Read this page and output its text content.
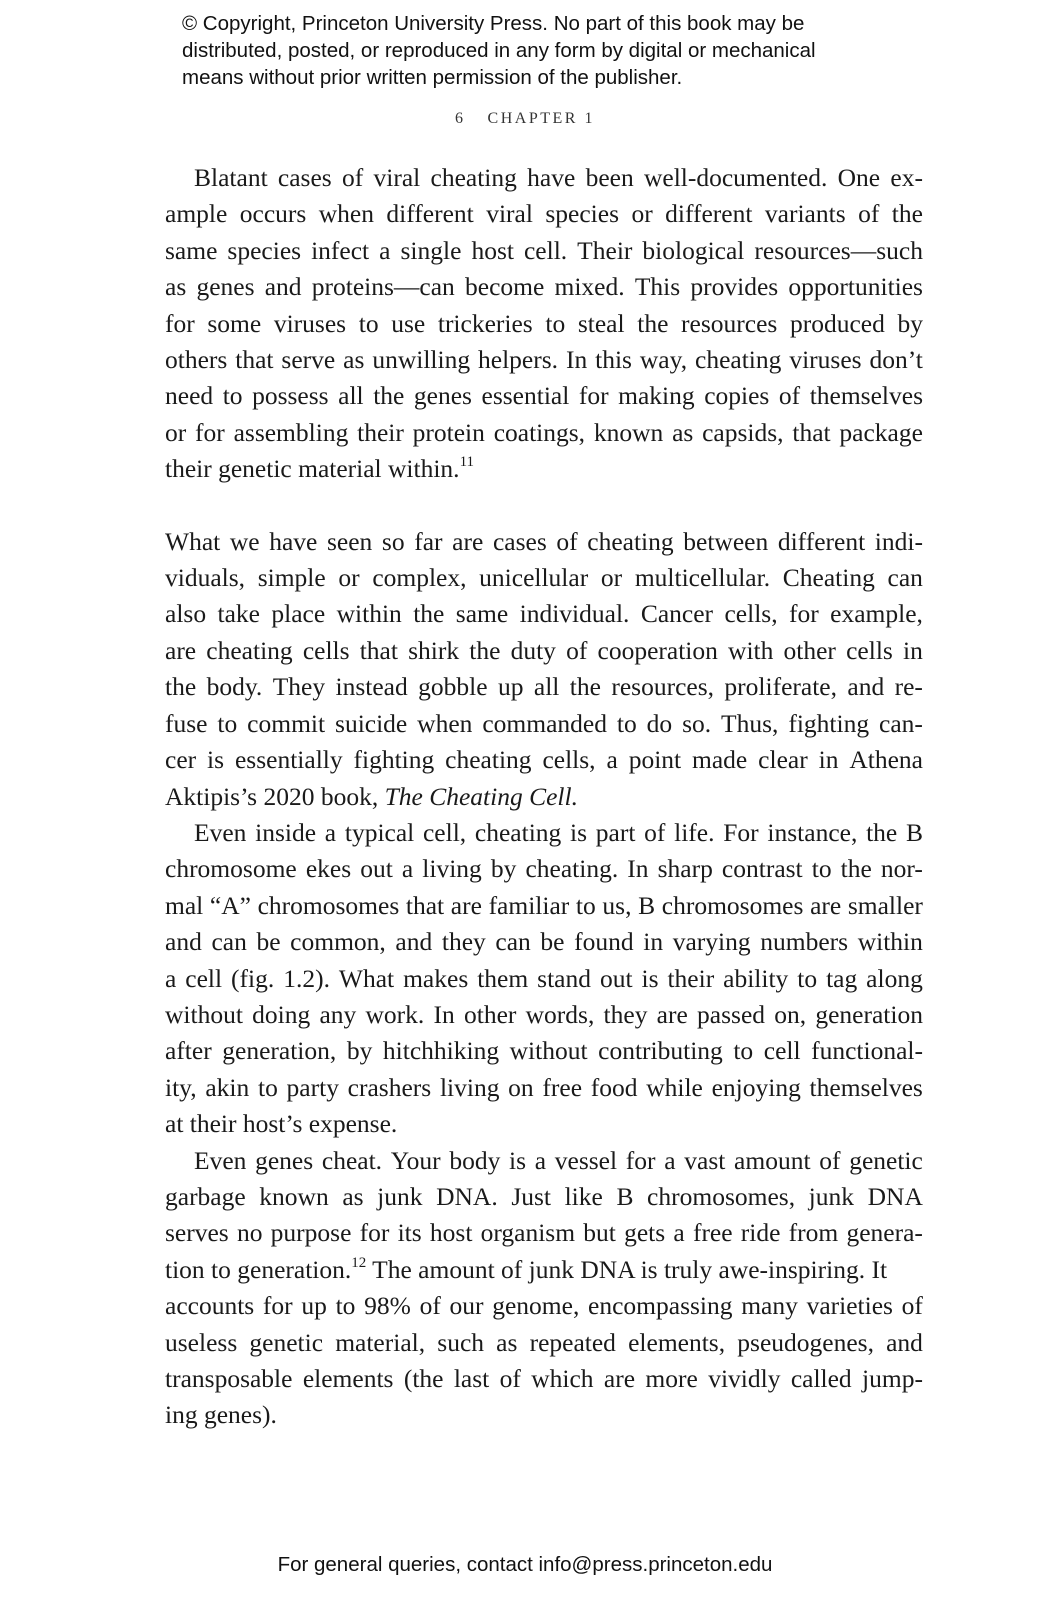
© Copyright, Princeton University Press. No part of this book may be
distributed, posted, or reproduced in any form by digital or mechanical
means without prior written permission of the publisher.
6 CHAPTER 1
Blatant cases of viral cheating have been well-documented. One ex-
ample occurs when different viral species or different variants of the
same species infect a single host cell. Their biological resources—such
as genes and proteins—can become mixed. This provides opportunities
for some viruses to use trickeries to steal the resources produced by
others that serve as unwilling helpers. In this way, cheating viruses don’t
need to possess all the genes essential for making copies of themselves
or for assembling their protein coatings, known as capsids, that package
their genetic material within.$^{11}$
What we have seen so far are cases of cheating between different indi-
viduals, simple or complex, unicellular or multicellular. Cheating can
also take place within the same individual. Cancer cells, for example,
are cheating cells that shirk the duty of cooperation with other cells in
the body. They instead gobble up all the resources, proliferate, and re-
fuse to commit suicide when commanded to do so. Thus, fighting can-
cer is essentially fighting cheating cells, a point made clear in Athena
Aktipis’s 2020 book, The Cheating Cell.
Even inside a typical cell, cheating is part of life. For instance, the B
chromosome ekes out a living by cheating. In sharp contrast to the nor-
mal “A” chromosomes that are familiar to us, B chromosomes are smaller
and can be common, and they can be found in varying numbers within
a cell (fig. 1.2). What makes them stand out is their ability to tag along
without doing any work. In other words, they are passed on, generation
after generation, by hitchhiking without contributing to cell functional-
ity, akin to party crashers living on free food while enjoying themselves
at their host’s expense.
Even genes cheat. Your body is a vessel for a vast amount of genetic
garbage known as junk DNA. Just like B chromosomes, junk DNA
serves no purpose for its host organism but gets a free ride from genera-
tion to generation.$^{12}$ The amount of junk DNA is truly awe-inspiring. It
accounts for up to 98% of our genome, encompassing many varieties of
useless genetic material, such as repeated elements, pseudogenes, and
transposable elements (the last of which are more vividly called jump-
ing genes).
For general queries, contact info@press.princeton.edu
